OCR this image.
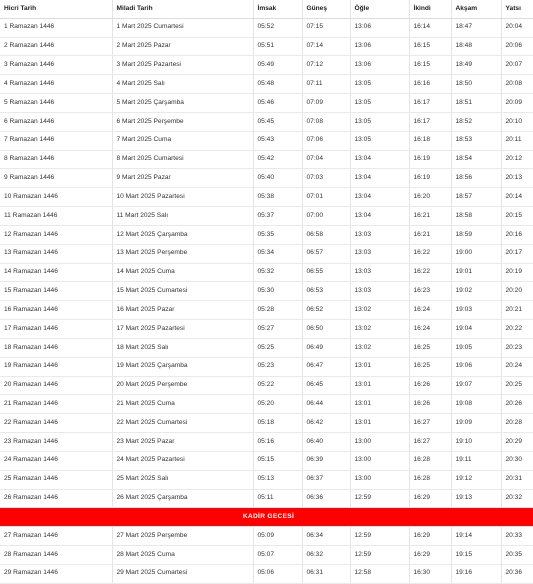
Hicri Tarih	Miladi Tarih	İmsak	Güneş	Öğle	İkindi	Akşam	Yatsı
1 Ramazan 1446	1 Mart 2025 Cumartesi	05:52	07:15	13:06	16:14	18:47	20:04
2 Ramazan 1446	2 Mart 2025 Pazar	05:51	07:14	13:06	16:15	18:48	20:06
3 Ramazan 1446	3 Mart 2025 Pazartesi	05:49	07:12	13:06	16:15	18:49	20:07
4 Ramazan 1446	4 Mart 2025 Salı	05:48	07:11	13:05	16:16	18:50	20:08
5 Ramazan 1446	5 Mart 2025 Çarşamba	05:46	07:09	13:05	16:17	18:51	20:09
6 Ramazan 1446	6 Mart 2025 Perşembe	05:45	07:08	13:05	16:17	18:52	20:10
7 Ramazan 1446	7 Mart 2025 Cuma	05:43	07:06	13:05	16:18	18:53	20:11
8 Ramazan 1446	8 Mart 2025 Cumartesi	05:42	07:04	13:04	16:19	18:54	20:12
9 Ramazan 1446	9 Mart 2025 Pazar	05:40	07:03	13:04	16:19	18:56	20:13
10 Ramazan 1446	10 Mart 2025 Pazartesi	05:38	07:01	13:04	16:20	18:57	20:14
11 Ramazan 1446	11 Mart 2025 Salı	05:37	07:00	13:04	16:21	18:58	20:15
12 Ramazan 1446	12 Mart 2025 Çarşamba	05:35	06:58	13:03	16:21	18:59	20:16
13 Ramazan 1446	13 Mart 2025 Perşembe	05:34	06:57	13:03	16:22	19:00	20:17
14 Ramazan 1446	14 Mart 2025 Cuma	05:32	06:55	13:03	16:22	19:01	20:19
15 Ramazan 1446	15 Mart 2025 Cumartesi	05:30	06:53	13:03	16:23	19:02	20:20
16 Ramazan 1446	16 Mart 2025 Pazar	05:28	06:52	13:02	16:24	19:03	20:21
17 Ramazan 1446	17 Mart 2025 Pazartesi	05:27	06:50	13:02	16:24	19:04	20:22
18 Ramazan 1446	18 Mart 2025 Salı	05:25	06:49	13:02	16:25	19:05	20:23
19 Ramazan 1446	19 Mart 2025 Çarşamba	05:23	06:47	13:01	16:25	19:06	20:24
20 Ramazan 1446	20 Mart 2025 Perşembe	05:22	06:45	13:01	16:26	19:07	20:25
21 Ramazan 1446	21 Mart 2025 Cuma	05:20	06:44	13:01	16:26	19:08	20:26
22 Ramazan 1446	22 Mart 2025 Cumartesi	05:18	06:42	13:01	16:27	19:09	20:28
23 Ramazan 1446	23 Mart 2025 Pazar	05:16	06:40	13:00	16:27	19:10	20:29
24 Ramazan 1446	24 Mart 2025 Pazartesi	05:15	06:39	13:00	16:28	19:11	20:30
25 Ramazan 1446	25 Mart 2025 Salı	05:13	06:37	13:00	16:28	19:12	20:31
26 Ramazan 1446	26 Mart 2025 Çarşamba	05:11	06:36	12:59	16:29	19:13	20:32
KADİR GECESİ							
27 Ramazan 1446	27 Mart 2025 Perşembe	05:09	06:34	12:59	16:29	19:14	20:33
28 Ramazan 1446	28 Mart 2025 Cuma	05:07	06:32	12:59	16:29	19:15	20:35
29 Ramazan 1446	29 Mart 2025 Cumartesi	05:06	06:31	12:58	16:30	19:16	20:36
